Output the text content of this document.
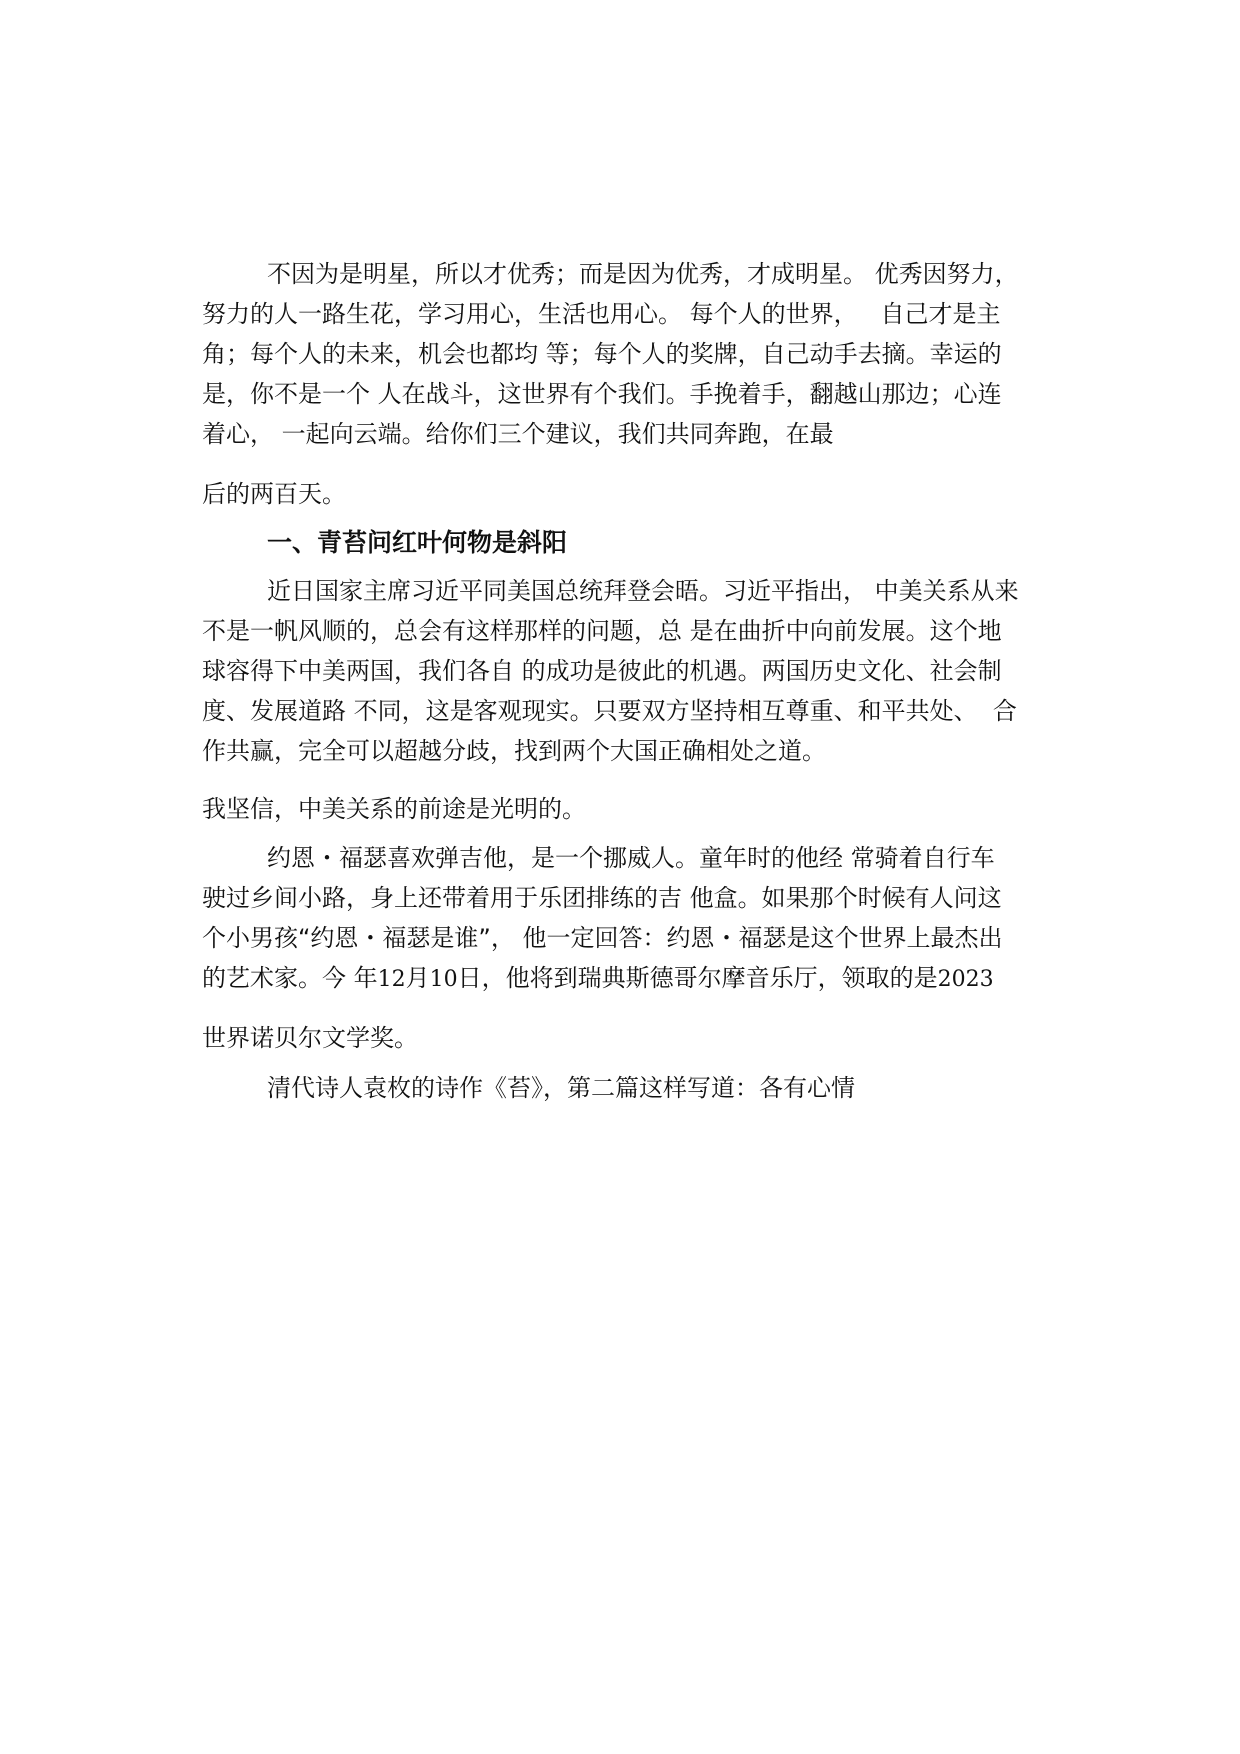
不因为是明星，所以才优秀；而是因为优秀，才成明星。 优秀因努力，
努力的人一路生花，学习用心，生活也用心。 每个人的世界，   自己才是主
角；每个人的未来，机会也都均 等；每个人的奖牌，自己动手去摘。幸运的
是，你不是一个 人在战斗，这世界有个我们。手挽着手，翻越山那边；心连
着心， 一起向云端。给你们三个建议，我们共同奔跑，在最
后的两百天。
一、青苔问红叶何物是斜阳
近日国家主席习近平同美国总统拜登会晤。习近平指出， 中美关系从来
不是一帆风顺的，总会有这样那样的问题，总 是在曲折中向前发展。这个地
球容得下中美两国，我们各自 的成功是彼此的机遇。两国历史文化、社会制
度、发展道路 不同，这是客观现实。只要双方坚持相互尊重、和平共处、  合
作共赢，完全可以超越分歧，找到两个大国正确相处之道。
我坚信，中美关系的前途是光明的。
约恩・福瑟喜欢弹吉他，是一个挪威人。童年时的他经 常骑着自行车
驶过乡间小路，身上还带着用于乐团排练的吉 他盒。如果那个时候有人问这
个小男孩“约恩・福瑟是谁”， 他一定回答：约恩・福瑟是这个世界上最杰出
的艺术家。今 年12月10日，他将到瑞典斯德哥尔摩音乐厅，领取的是2023
世界诺贝尔文学奖。
清代诗人袁枚的诗作《苔》，第二篇这样写道：各有心情
